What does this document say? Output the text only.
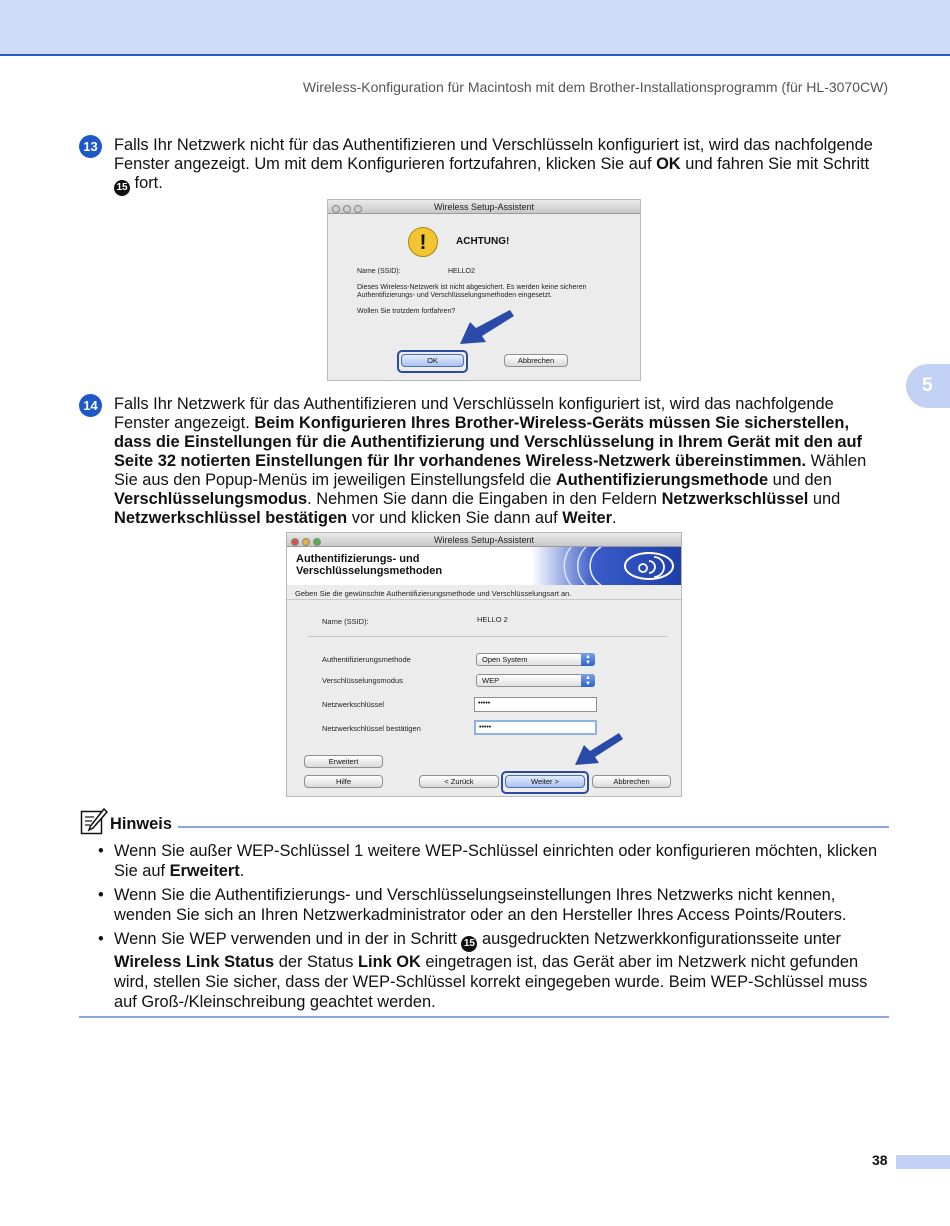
Wireless-Konfiguration für Macintosh mit dem Brother-Installationsprogramm (für HL-3070CW)
5
13 Falls Ihr Netzwerk nicht für das Authentifizieren und Verschlüsseln konfiguriert ist, wird das nachfolgende Fenster angezeigt. Um mit dem Konfigurieren fortzufahren, klicken Sie auf OK und fahren Sie mit Schritt 15 fort.

Wireless Setup-Assistent
!	ACHTUNG!
Name (SSID):	HELLO2
Dieses Wireless-Netzwerk ist nicht abgesichert. Es werden keine sicheren
Authentifizierungs- und Verschlüsselungsmethoden eingesetzt.
Wollen Sie trotzdem fortfahren?
OK	Abbrechen
14 Falls Ihr Netzwerk für das Authentifizieren und Verschlüsseln konfiguriert ist, wird das nachfolgende Fenster angezeigt. Beim Konfigurieren Ihres Brother-Wireless-Geräts müssen Sie sicherstellen, dass die Einstellungen für die Authentifizierung und Verschlüsselung in Ihrem Gerät mit den auf Seite 32 notierten Einstellungen für Ihr vorhandenes Wireless-Netzwerk übereinstimmen. Wählen Sie aus den Popup-Menüs im jeweiligen Einstellungsfeld die Authentifizierungsmethode und den Verschlüsselungsmodus. Nehmen Sie dann die Eingaben in den Feldern Netzwerkschlüssel und Netzwerkschlüssel bestätigen vor und klicken Sie dann auf Weiter.

Wireless Setup-Assistent
Authentifizierungs- und
Verschlüsselungsmethoden
Geben Sie die gewünschte Authentifizierungsmethode und Verschlüsselungsart an.
Name (SSID):	HELLO 2
Authentifizierungsmethode	Open System	▲
▼
Verschlüsselungsmodus	WEP	▲
▼
Netzwerkschlüssel	•••••
Netzwerkschlüssel bestätigen	•••••
Erweitert
Hilfe	< Zurück	Weiter >	Abbrechen
Hinweis
• Wenn Sie außer WEP-Schlüssel 1 weitere WEP-Schlüssel einrichten oder konfigurieren möchten, klicken Sie auf Erweitert.
• Wenn Sie die Authentifizierungs- und Verschlüsselungseinstellungen Ihres Netzwerks nicht kennen, wenden Sie sich an Ihren Netzwerkadministrator oder an den Hersteller Ihres Access Points/Routers.
• Wenn Sie WEP verwenden und in der in Schritt 15 ausgedruckten Netzwerkkonfigurationsseite unter Wireless Link Status der Status Link OK eingetragen ist, das Gerät aber im Netzwerk nicht gefunden wird, stellen Sie sicher, dass der WEP-Schlüssel korrekt eingegeben wurde. Beim WEP-Schlüssel muss auf Groß-/Kleinschreibung geachtet werden.
38
